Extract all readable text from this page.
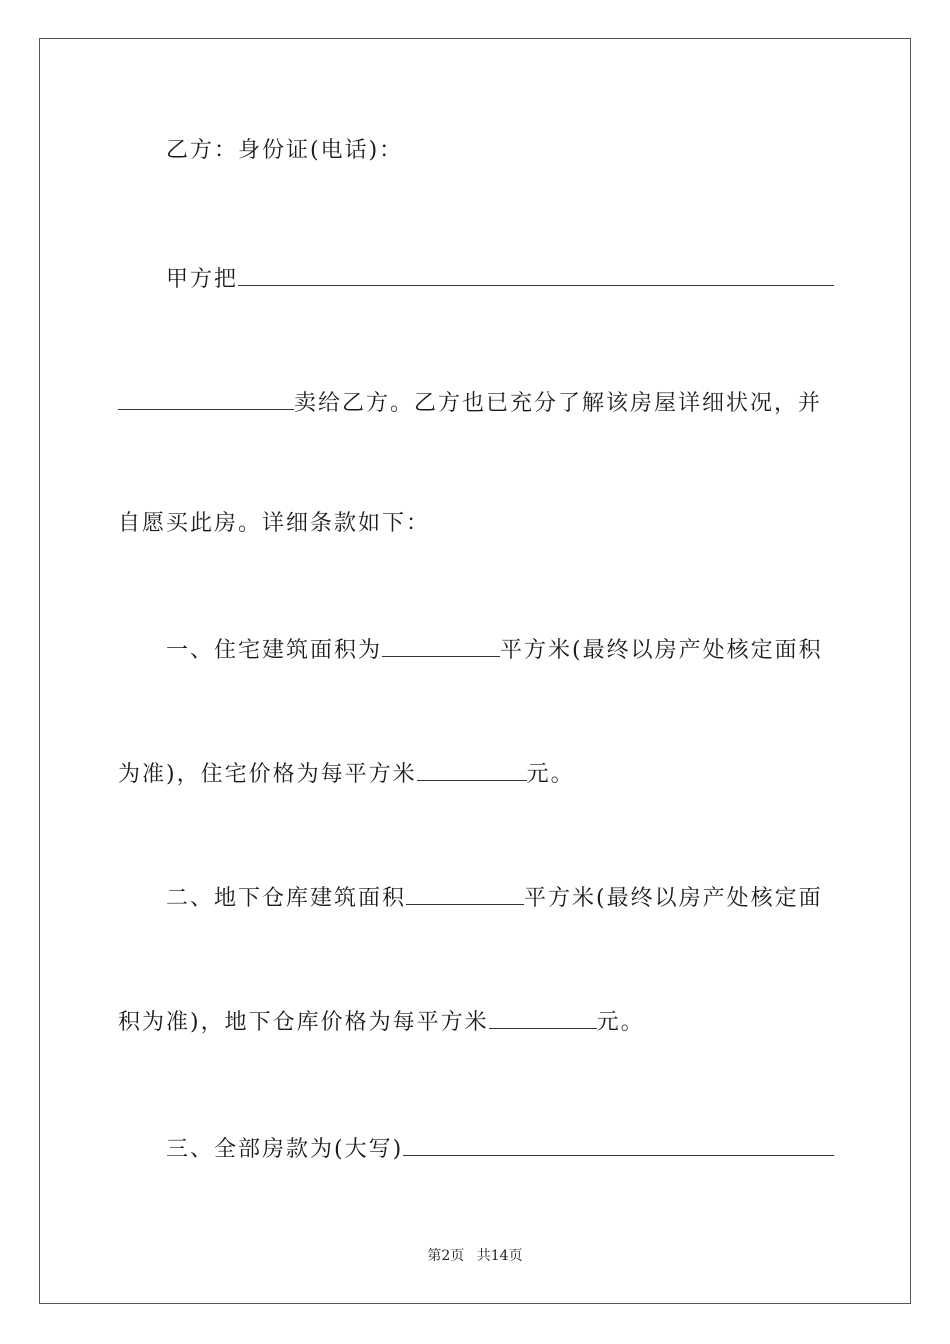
乙方：身份证(电话)：
甲方把
卖给乙方。乙方也已充分了解该房屋详细状况，并
自愿买此房。详细条款如下：
一、住宅建筑面积为	平方米(最终以房产处核定面积
为准)，住宅价格为每平方米	元。
二、地下仓库建筑面积	平方米(最终以房产处核定面
积为准)，地下仓库价格为每平方米	元。
三、全部房款为(大写)
第2页 共14页
